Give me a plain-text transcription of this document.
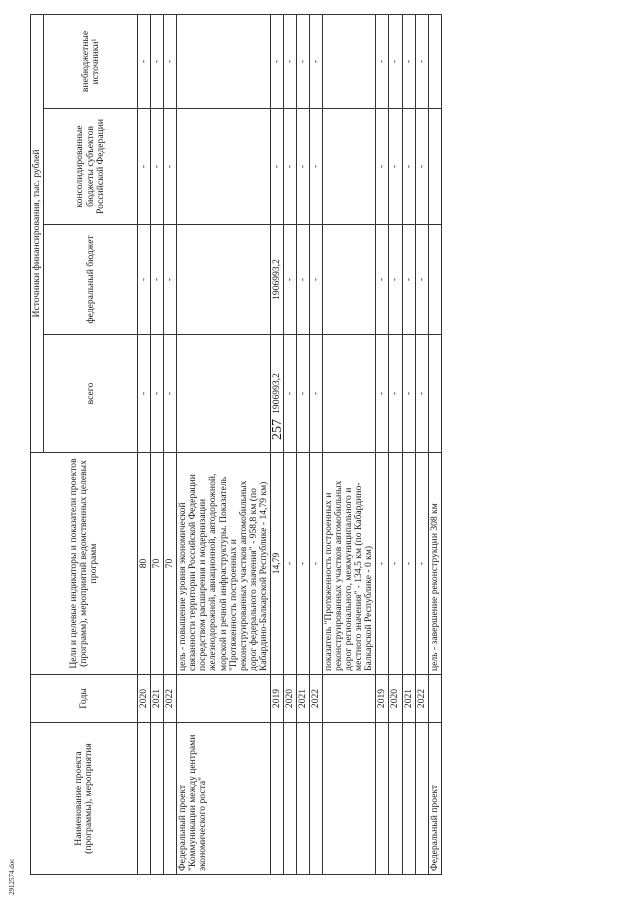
257
Наименование проекта (программы), мероприятия	Годы	Цели и целевые индикаторы и показатели проектов (программ), мероприятий ведомственных целевых программ	Источники финансирования, тыс. рублей			
			всего	федеральный бюджет	консолидированные бюджеты субъектов Российской Федерации	внебюджетные источники¹
	2020	80	-	-	-	-
	2021	70	-	-	-	-
	2022	70	-	-	-	-
Федеральный проект "Коммуникации между центрами экономического роста"		цель - повышение уровня экономической связанности территории Российской Федерации посредством расширения и модернизации железнодорожной, авиационной, автодорожной, морской и речной инфраструктуры. Показатель "Протяженность построенных и реконструированных участков автомобильных дорог федерального значения" - 958,8 км (по Кабардино-Балкарской Республике - 14,79 км)				
	2019	14,79	1906993,2	1906993,2	-	-
	2020	-	-	-	-	-
	2021	-	-	-	-	-
	2022	-	-	-	-	-
		показатель "Протяженность построенных и реконструированных участков автомобильных дорог регионального, межмуниципального и местного значения" - 134,5 км (по Кабардино-Балкарской Республике - 0 км)				
	2019	-	-	-	-	-
	2020	-	-	-	-	-
	2021	-	-	-	-	-
	2022	-	-	-	-	-
Федеральный проект		цель - завершение реконструкции 308 км				
2912574.doc
